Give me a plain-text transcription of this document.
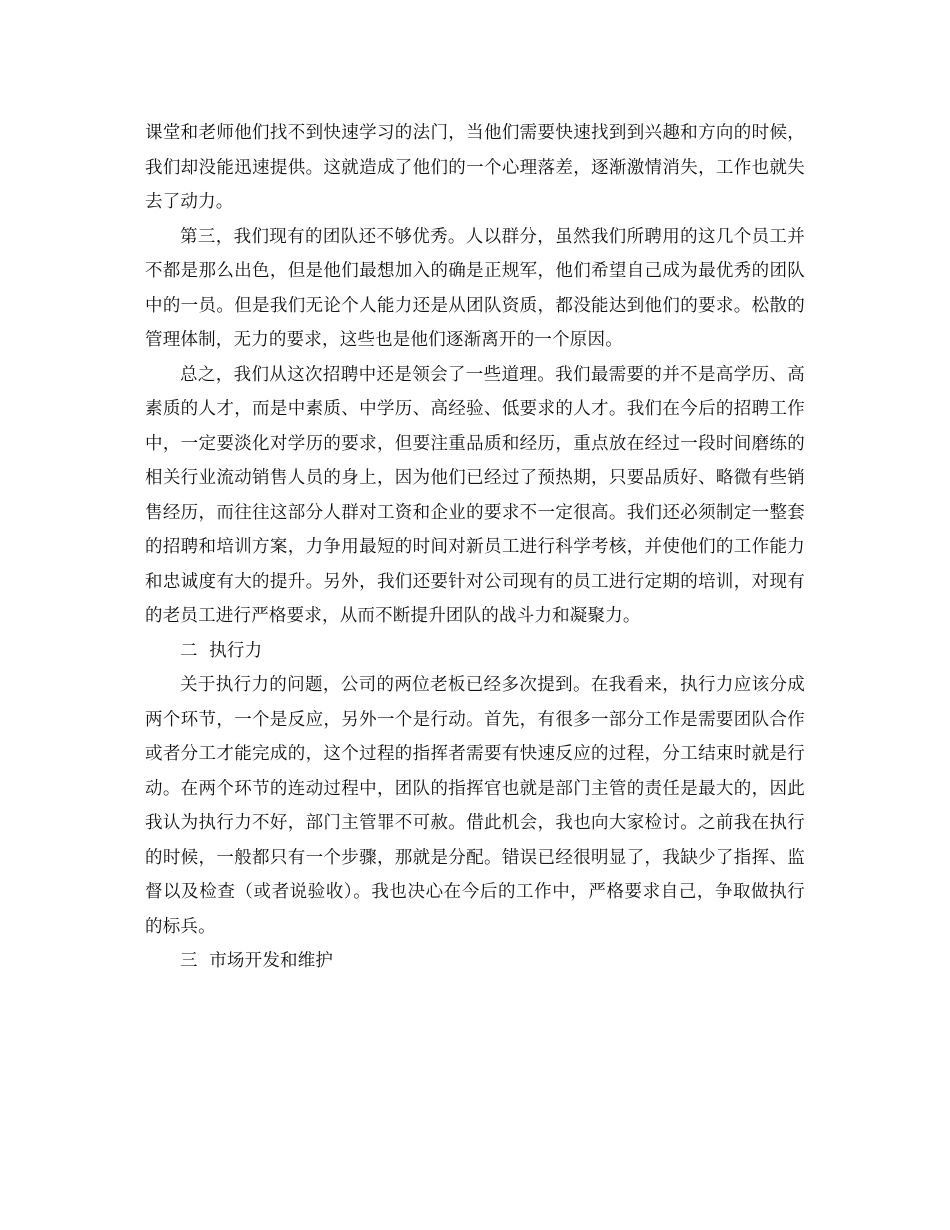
课堂和老师他们找不到快速学习的法门，当他们需要快速找到到兴趣和方向的时候，我们却没能迅速提供。这就造成了他们的一个心理落差，逐渐激情消失，工作也就失去了动力。

第三，我们现有的团队还不够优秀。人以群分，虽然我们所聘用的这几个员工并不都是那么出色，但是他们最想加入的确是正规军，他们希望自己成为最优秀的团队中的一员。但是我们无论个人能力还是从团队资质，都没能达到他们的要求。松散的管理体制，无力的要求，这些也是他们逐渐离开的一个原因。

总之，我们从这次招聘中还是领会了一些道理。我们最需要的并不是高学历、高素质的人才，而是中素质、中学历、高经验、低要求的人才。我们在今后的招聘工作中，一定要淡化对学历的要求，但要注重品质和经历，重点放在经过一段时间磨练的相关行业流动销售人员的身上，因为他们已经过了预热期，只要品质好、略微有些销售经历，而往往这部分人群对工资和企业的要求不一定很高。我们还必须制定一整套的招聘和培训方案，力争用最短的时间对新员工进行科学考核，并使他们的工作能力和忠诚度有大的提升。另外，我们还要针对公司现有的员工进行定期的培训，对现有的老员工进行严格要求，从而不断提升团队的战斗力和凝聚力。

二  执行力

关于执行力的问题，公司的两位老板已经多次提到。在我看来，执行力应该分成两个环节，一个是反应，另外一个是行动。首先，有很多一部分工作是需要团队合作或者分工才能完成的，这个过程的指挥者需要有快速反应的过程，分工结束时就是行动。在两个环节的连动过程中，团队的指挥官也就是部门主管的责任是最大的，因此我认为执行力不好，部门主管罪不可赦。借此机会，我也向大家检讨。之前我在执行的时候，一般都只有一个步骤，那就是分配。错误已经很明显了，我缺少了指挥、监督以及检查（或者说验收）。我也决心在今后的工作中，严格要求自己，争取做执行的标兵。

三  市场开发和维护
